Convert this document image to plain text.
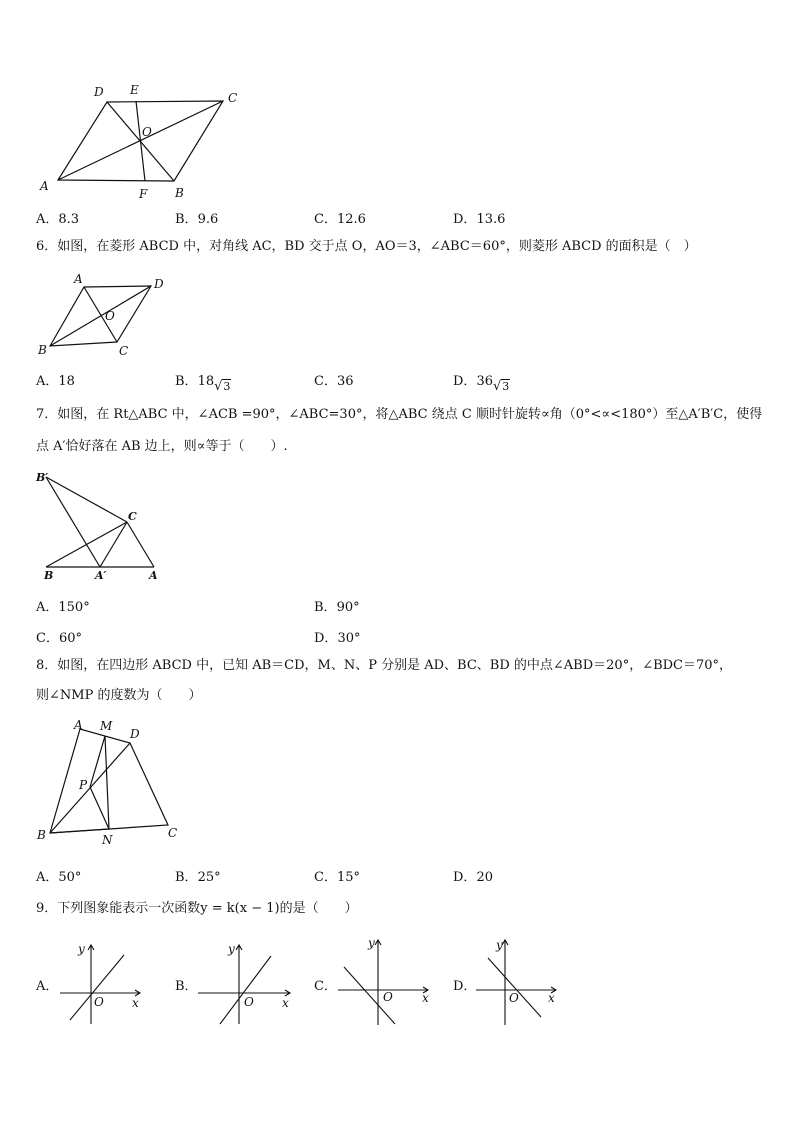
D E
C
O
A
F B
A．8.3	B．9.6	C．12.6	D．13.6
6．如图，在菱形 ABCD 中，对角线 AC，BD 交于点 O，AO＝3，∠ABC＝60°，则菱形 ABCD 的面积是（　）
A	D
O
B	C
A．18	B．18√3	C．36	D．36√3
7．如图，在 Rt△ABC 中，∠ACB =90°，∠ABC=30°，将△ABC 绕点 C 顺时针旋转∝角（0°<∝<180°）至△A′B′C，使得
点 A′恰好落在 AB 边上，则∝等于（　　）.
B′
C
B	A′	A
A．150°	B．90°
C．60°	D．30°
8．如图，在四边形 ABCD 中，已知 AB＝CD，M、N、P 分别是 AD、BC、BD 的中点∠ABD＝20°，∠BDC＝70°，
则∠NMP 的度数为（　　）
A M
D
P
B	N	C
A．50°	B．25°	C．15°	D．20
9．下列图象能表示一次函数y = k(x − 1)的是（　　）
A．
y
O x
B．
y
O x
C．
y
O x
D．
y
O x
